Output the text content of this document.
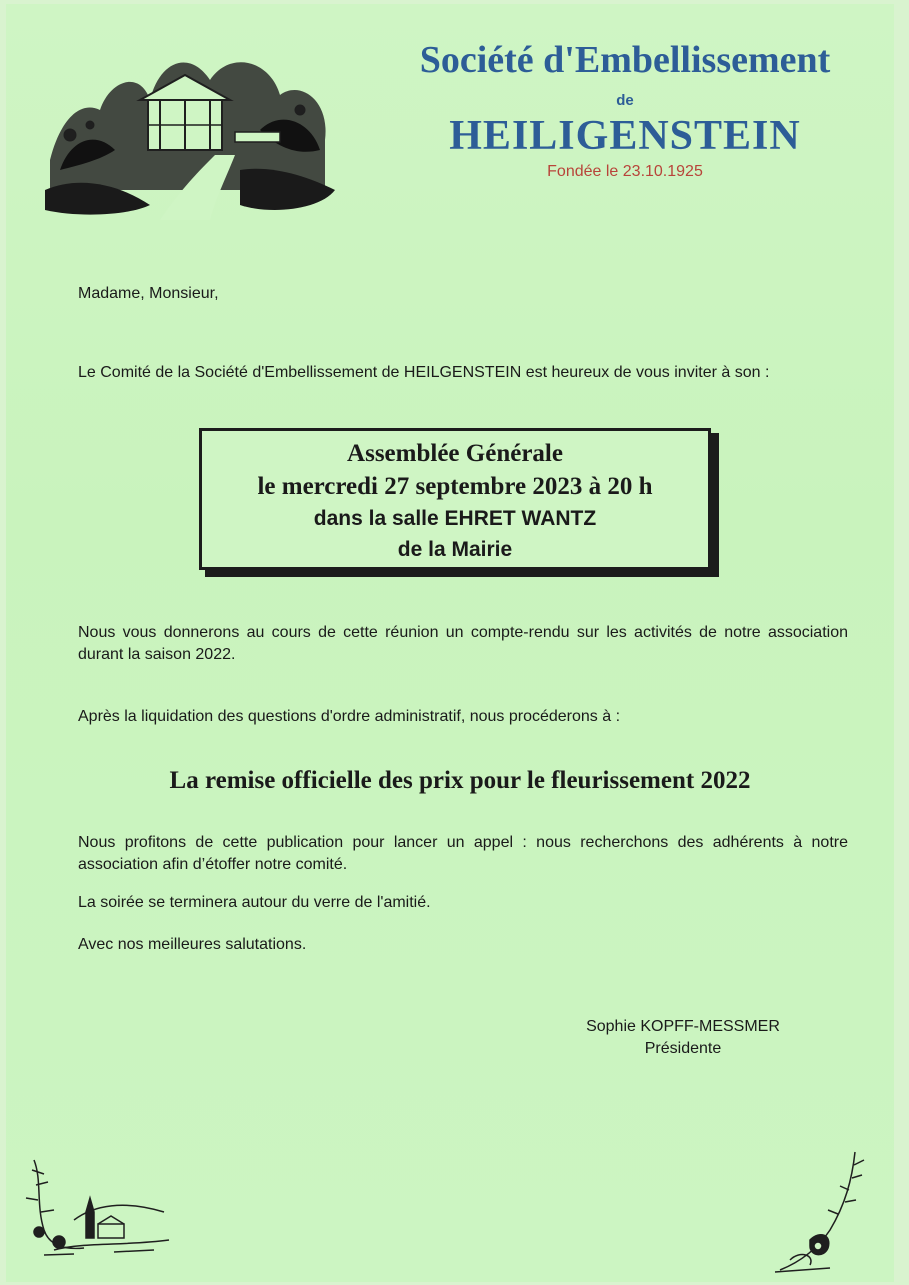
Société d'Embellissement
de
HEILIGENSTEIN
Fondée le 23.10.1925
Madame, Monsieur,
Le Comité de la Société d'Embellissement de HEILGENSTEIN est heureux de vous inviter à son :
Assemblée Générale
le mercredi 27 septembre 2023 à 20 h
dans la salle EHRET WANTZ
de la Mairie
Nous vous donnerons au cours de cette réunion un compte-rendu sur les activités de notre association durant la saison 2022.
Après la liquidation des questions d'ordre administratif, nous procéderons à :
La remise officielle des prix pour le fleurissement 2022
Nous profitons de cette publication pour lancer un appel : nous recherchons des adhérents à notre association afin d’étoffer notre comité.
La soirée se terminera autour du verre de l'amitié.
Avec nos meilleures salutations.
Sophie KOPFF-MESSMER
Présidente
